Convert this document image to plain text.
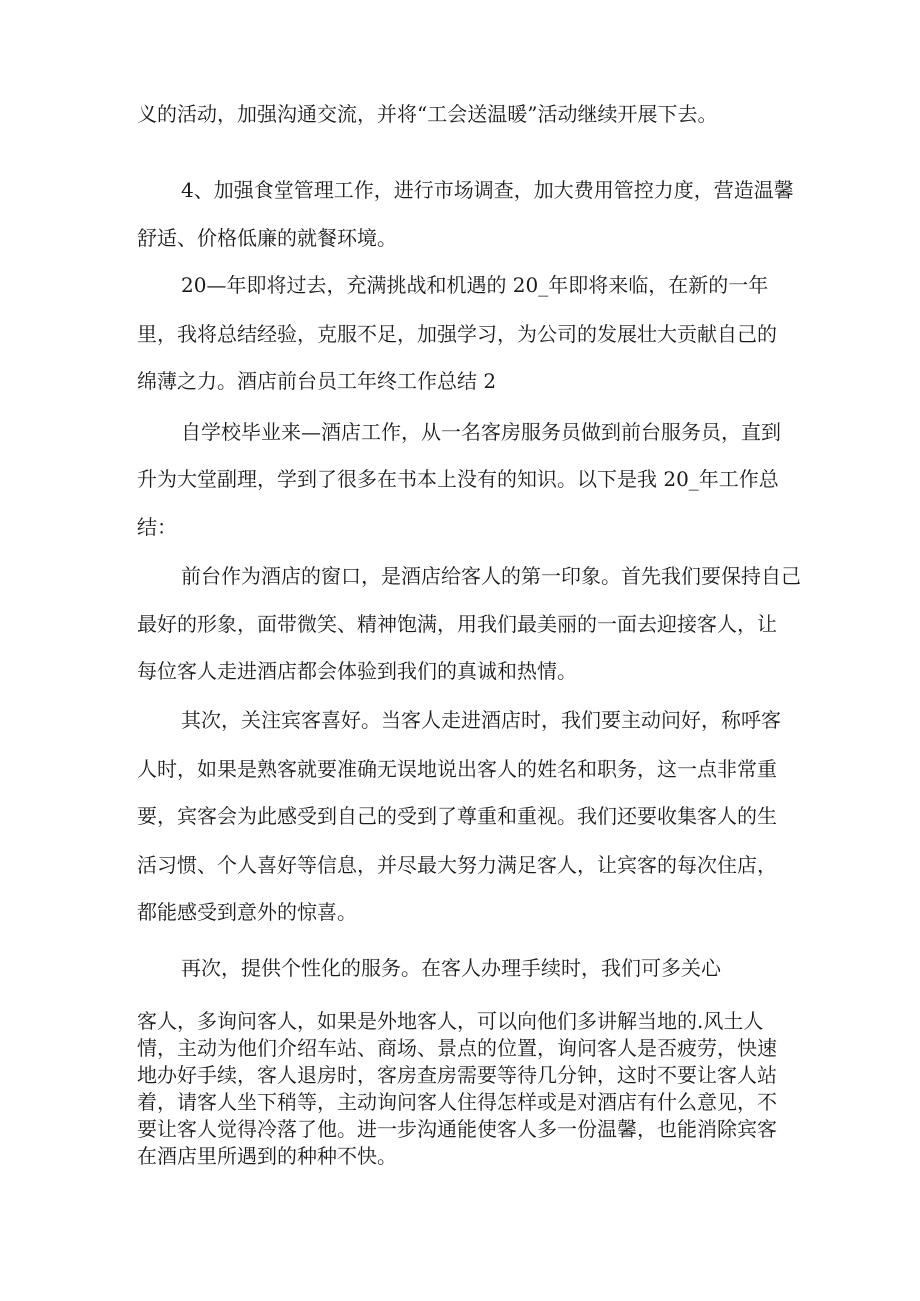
义的活动，加强沟通交流，并将“工会送温暖”活动继续开展下去。
4、加强食堂管理工作，进行市场调查，加大费用管控力度，营造温馨
舒适、价格低廉的就餐环境。
20—年即将过去，充满挑战和机遇的 20_年即将来临，在新的一年
里，我将总结经验，克服不足，加强学习，为公司的发展壮大贡献自己的
绵薄之力。酒店前台员工年终工作总结 2
自学校毕业来—酒店工作，从一名客房服务员做到前台服务员，直到
升为大堂副理，学到了很多在书本上没有的知识。以下是我 20_年工作总
结：
前台作为酒店的窗口，是酒店给客人的第一印象。首先我们要保持自己
最好的形象，面带微笑、精神饱满，用我们最美丽的一面去迎接客人，让
每位客人走进酒店都会体验到我们的真诚和热情。
其次，关注宾客喜好。当客人走进酒店时，我们要主动问好，称呼客
人时，如果是熟客就要准确无误地说出客人的姓名和职务，这一点非常重
要，宾客会为此感受到自己的受到了尊重和重视。我们还要收集客人的生
活习惯、个人喜好等信息，并尽最大努力满足客人，让宾客的每次住店，
都能感受到意外的惊喜。
再次，提供个性化的服务。在客人办理手续时，我们可多关心
客人，多询问客人，如果是外地客人，可以向他们多讲解当地的.风土人
情，主动为他们介绍车站、商场、景点的位置，询问客人是否疲劳，快速
地办好手续，客人退房时，客房查房需要等待几分钟，这时不要让客人站
着，请客人坐下稍等，主动询问客人住得怎样或是对酒店有什么意见，不
要让客人觉得冷落了他。进一步沟通能使客人多一份温馨，也能消除宾客
在酒店里所遇到的种种不快。
